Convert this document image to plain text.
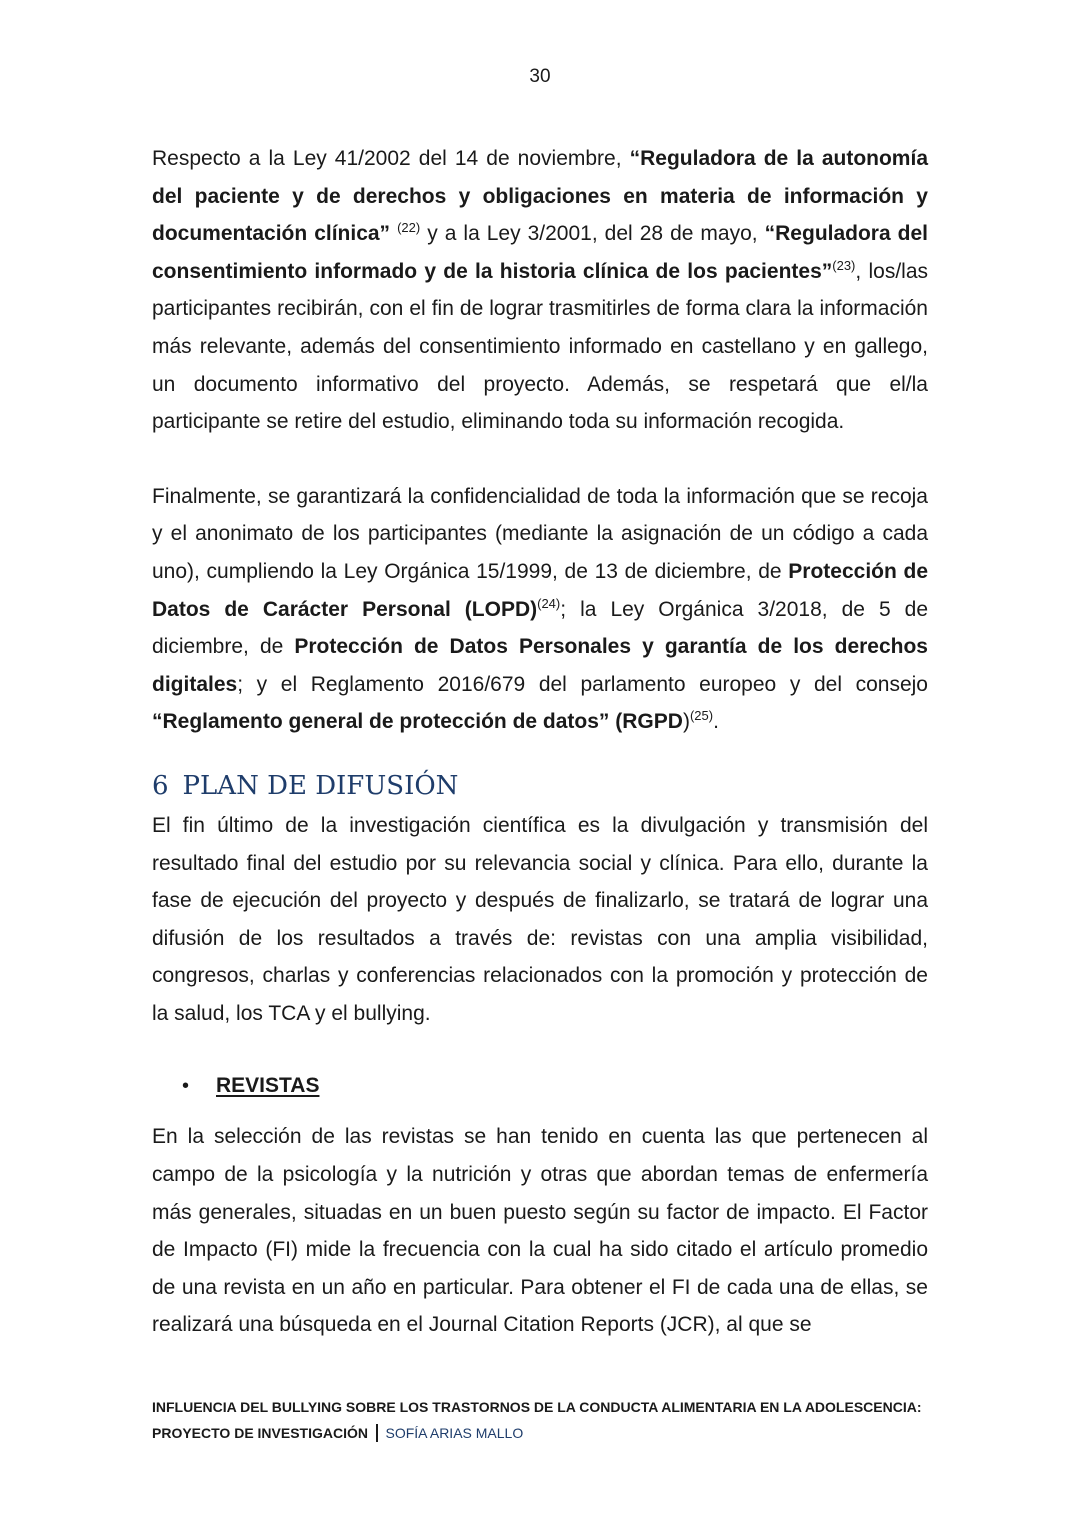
30

Respecto a la Ley 41/2002 del 14 de noviembre, “Reguladora de la autonomía del paciente y de derechos y obligaciones en materia de información y documentación clínica” $^{(22)}$ y a la Ley 3/2001, del 28 de mayo, “Reguladora del consentimiento informado y de la historia clínica de los pacientes”$^{(23)}$, los/las participantes recibirán, con el fin de lograr trasmitirles de forma clara la información más relevante, además del consentimiento informado en castellano y en gallego, un documento informativo del proyecto. Además, se respetará que el/la participante se retire del estudio, eliminando toda su información recogida.

Finalmente, se garantizará la confidencialidad de toda la información que se recoja y el anonimato de los participantes (mediante la asignación de un código a cada uno), cumpliendo la Ley Orgánica 15/1999, de 13 de diciembre, de Protección de Datos de Carácter Personal (LOPD)$^{(24)}$; la Ley Orgánica 3/2018, de 5 de diciembre, de Protección de Datos Personales y garantía de los derechos digitales; y el Reglamento 2016/679 del parlamento europeo y del consejo “Reglamento general de protección de datos” (RGPD)$^{(25)}$.

6 PLAN DE DIFUSIÓN

El fin último de la investigación científica es la divulgación y transmisión del resultado final del estudio por su relevancia social y clínica. Para ello, durante la fase de ejecución del proyecto y después de finalizarlo, se tratará de lograr una difusión de los resultados a través de: revistas con una amplia visibilidad, congresos, charlas y conferencias relacionados con la promoción y protección de la salud, los TCA y el bullying.

•	REVISTAS

En la selección de las revistas se han tenido en cuenta las que pertenecen al campo de la psicología y la nutrición y otras que abordan temas de enfermería más generales, situadas en un buen puesto según su factor de impacto. El Factor de Impacto (FI) mide la frecuencia con la cual ha sido citado el artículo promedio de una revista en un año en particular. Para obtener el FI de cada una de ellas, se realizará una búsqueda en el Journal Citation Reports (JCR), al que se

INFLUENCIA DEL BULLYING SOBRE LOS TRASTORNOS DE LA CONDUCTA ALIMENTARIA EN LA ADOLESCENCIA:
PROYECTO DE INVESTIGACIÓN SOFÍA ARIAS MALLO
